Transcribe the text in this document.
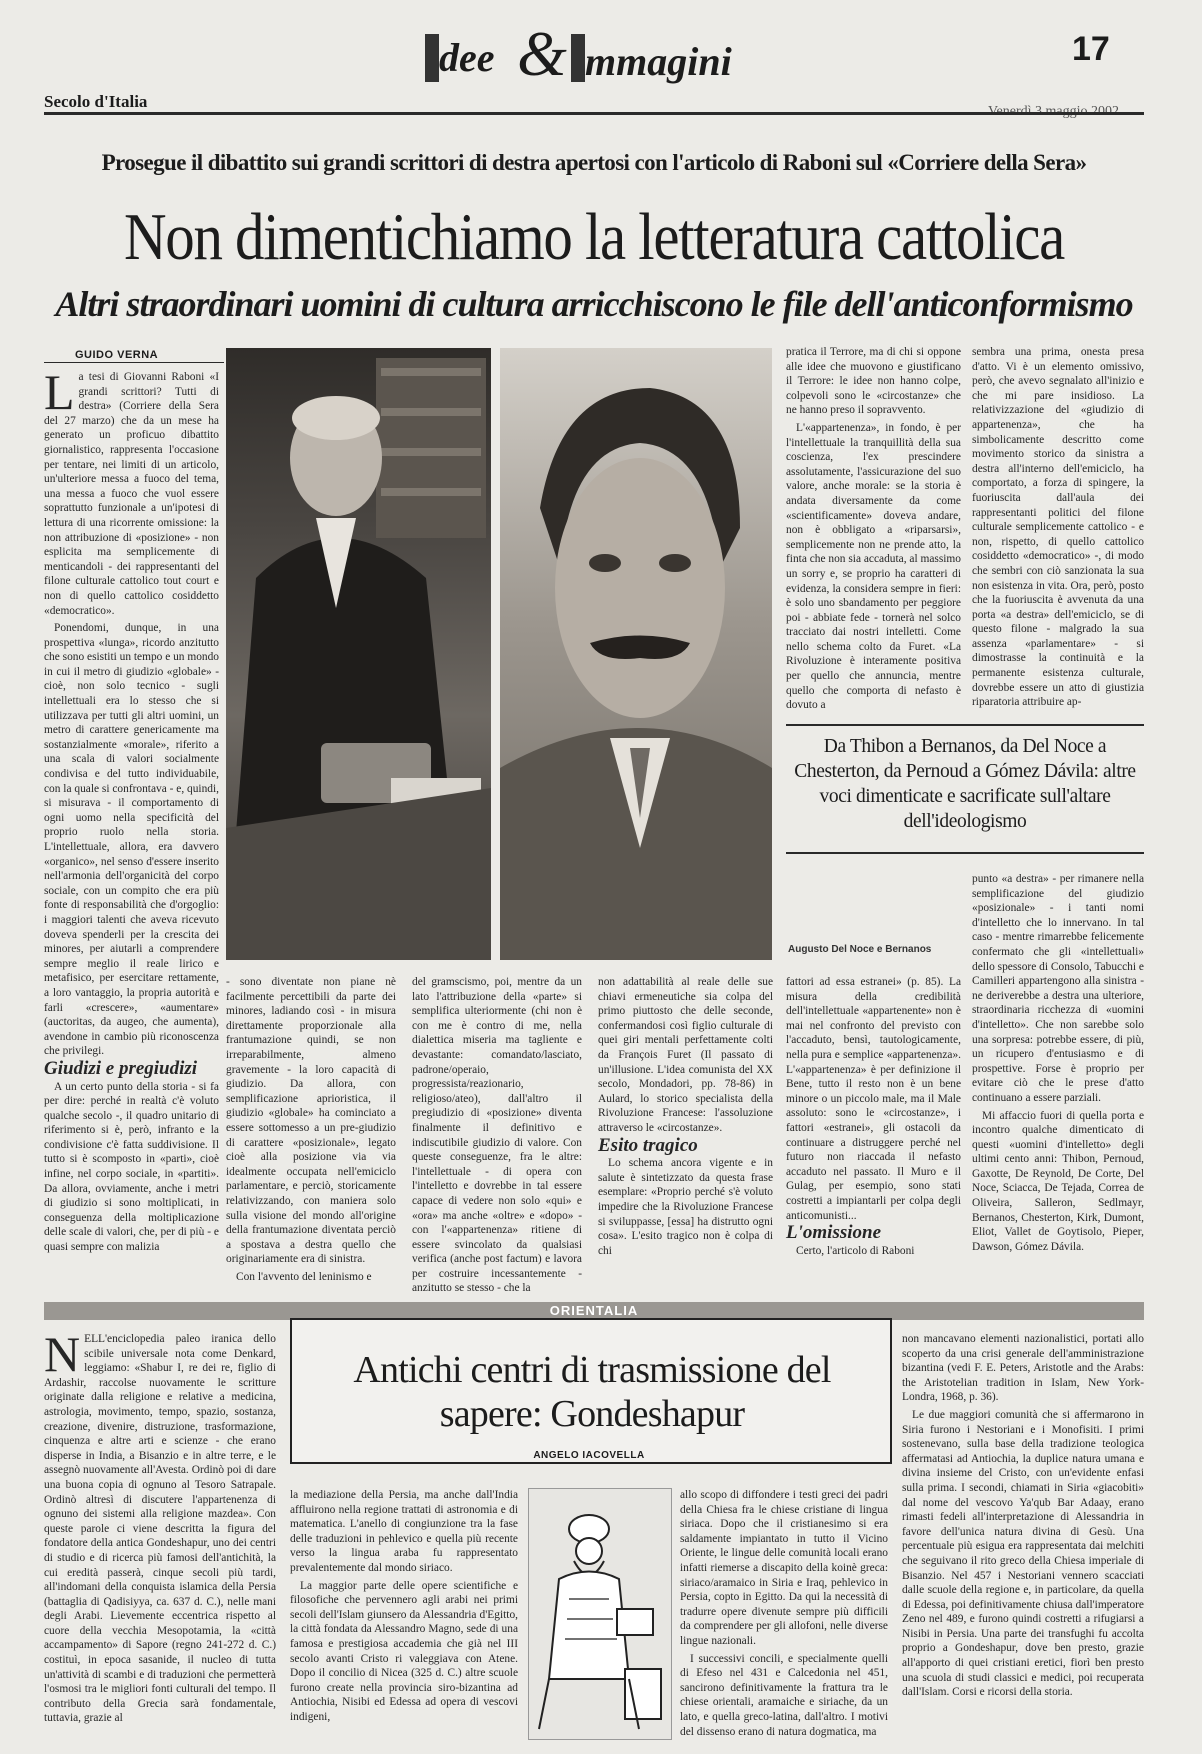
dee & mmagini	17
Secolo d'Italia
Prosegue il dibattito sui grandi scrittori di destra apertosi con l'articolo di Raboni sul «Corriere della Sera»
Non dimentichiamo la letteratura cattolica
Altri straordinari uomini di cultura arricchiscono le file dell'anticonformismo
GUIDO VERNA

La tesi di Giovanni Raboni «I grandi scrittori? Tutti di destra» (Corriere della Sera del 27 marzo) che da un mese ha generato un proficuo dibattito giornalistico, rappresenta l'occasione per tentare, nei limiti di un articolo, un'ulteriore messa a fuoco del tema, una messa a fuoco che vuol essere soprattutto funzionale a un'ipotesi di lettura di una ricorrente omissione: la non attribuzione di «posizione» - non esplicita ma semplicemente di menticandoli - dei rappresentanti del filone culturale cattolico tout court e non di quello cattolico cosiddetto «democratico».

Ponendomi, dunque, in una prospettiva «lunga», ricordo anzitutto che sono esistiti un tempo e un mondo in cui il metro di giudizio «globale» - cioè, non solo tecnico - sugli intellettuali era lo stesso che si utilizzava per tutti gli altri uomini, un metro di carattere genericamente ma sostanzialmente «morale», riferito a una scala di valori socialmente condivisa e del tutto individuabile, con la quale si confrontava - e, quindi, si misurava - il comportamento di ogni uomo nella specificità del proprio ruolo nella storia. L'intellettuale, allora, era davvero «organico», nel senso d'essere inserito nell'armonia dell'organicità del corpo sociale, con un compito che era più fonte di responsabilità che d'orgoglio: i maggiori talenti che aveva ricevuto doveva spenderli per la crescita dei minores, per aiutarli a comprendere sempre meglio il reale lirico e metafisico, per esercitare rettamente, a loro vantaggio, la propria autorità e farli «crescere», «aumentare» (auctoritas, da augeo, che aumenta), avendone in cambio più riconoscenza che privilegi.

Giudizi e pregiudizi

A un certo punto della storia - si fa per dire: perché in realtà c'è voluto qualche secolo -, il quadro unitario di riferimento si è, però, infranto e la condivisione c'è fatta suddivisione. Il tutto si è scomposto in «parti», cioè infine, nel corpo sociale, in «partiti». Da allora, ovviamente, anche i metri di giudizio si sono moltiplicati, in conseguenza della moltiplicazione delle scale di valori, che, per di più - e quasi sempre con malizia

Augusto Del Noce e Bernanos

pratica il Terrore, ma di chi si oppone alle idee che muovono e giustificano il Terrore: le idee non hanno colpe, colpevoli sono le «circostanze» che ne hanno preso il sopravvento.

L'«appartenenza», in fondo, è per l'intellettuale la tranquillità della sua coscienza, l'ex prescindere assolutamente, l'assicurazione del suo valore, anche morale: se la storia è andata diversamente da come «scientificamente» doveva andare, non è obbligato a «riparsarsi», semplicemente non ne prende atto, la finta che non sia accaduta, al massimo un sorry e, se proprio ha caratteri di evidenza, la considera sempre in fieri: è solo uno sbandamento per peggiore poi - abbiate fede - tornerà nel solco tracciato dai nostri intelletti. Come nello schema colto da Furet. «La Rivoluzione è interamente positiva per quello che annuncia, mentre quello che comporta di nefasto è dovuto a

sembra una prima, onesta presa d'atto. Vi è un elemento omissivo, però, che avevo segnalato all'inizio e che mi pare insidioso. La relativizzazione del «giudizio di appartenenza», che ha simbolicamente descritto come movimento storico da sinistra a destra all'interno dell'emiciclo, ha comportato, a forza di spingere, la fuoriuscita dall'aula dei rappresentanti politici del filone culturale semplicemente cattolico - e non, rispetto, di quello cattolico cosiddetto «democratico» -, di modo che sembri con ciò sanzionata la sua non esistenza in vita. Ora, però, posto che la fuoriuscita è avvenuta da una porta «a destra» dell'emiciclo, se di questo filone - malgrado la sua assenza «parlamentare» - si dimostrasse la continuità e la permanente esistenza culturale, dovrebbe essere un atto di giustizia riparatoria attribuire ap-

Da Thibon a Bernanos, da Del Noce a Chesterton, da Pernoud a Gómez Dávila: altre voci dimenticate e sacrificate sull'altare dell'ideologismo

punto «a destra» - per rimanere nella semplificazione del giudizio «posizionale» - i tanti nomi d'intelletto che lo innervano. In tal caso - mentre rimarrebbe felicemente confermato che gli «intellettuali» dello spessore di Consolo, Tabucchi e Camilleri appartengono alla sinistra - ne deriverebbe a destra una ulteriore, straordinaria ricchezza di «uomini d'intelletto». Che non sarebbe solo una sorpresa: potrebbe essere, di più, un ricupero d'entusiasmo e di prospettive. Forse è proprio per evitare ciò che le prese d'atto continuano a essere parziali.

Mi affaccio fuori di quella porta e incontro qualche dimenticato di questi «uomini d'intelletto» degli ultimi cento anni: Thibon, Pernoud, Gaxotte, De Reynold, De Corte, Del Noce, Sciacca, De Tejada, Correa de Oliveira, Salleron, Sedlmayr, Bernanos, Chesterton, Kirk, Dumont, Eliot, Vallet de Goytisolo, Pieper, Dawson, Gómez Dávila.

- sono diventate non piane nè facilmente percettibili da parte dei minores, ladiando così - in misura direttamente proporzionale alla frantumazione quindi, se non irreparabilmente, almeno gravemente - la loro capacità di giudizio. Da allora, con semplificazione aprioristica, il giudizio «globale» ha cominciato a essere sottomesso a un pre-giudizio di carattere «posizionale», legato cioè alla posizione via via idealmente occupata nell'emiciclo parlamentare, e perciò, storicamente relativizzando, con maniera solo sulla visione del mondo all'origine della frantumazione diventata perciò a spostava a destra quello che originariamente era di sinistra.

Con l'avvento del leninismo e

del gramscismo, poi, mentre da un lato l'attribuzione della «parte» si semplifica ulteriormente (chi non è con me è contro di me, nella dialettica miseria ma tagliente e devastante: comandato/lasciato, padrone/operaio, progressista/reazionario, religioso/ateo), dall'altro il pregiudizio di «posizione» diventa finalmente il definitivo e indiscutibile giudizio di valore. Con queste conseguenze, fra le altre: l'intellettuale - di opera con l'intelletto e dovrebbe in tal essere capace di vedere non solo «qui» e «ora» ma anche «oltre» e «dopo» - con l'«appartenenza» ritiene di essere svincolato da qualsiasi verifica (anche post factum) e lavora per costruire incessantemente - anzitutto se stesso - che la

non adattabilità al reale delle sue chiavi ermeneutiche sia colpa del primo piuttosto che delle seconde, confermandosi così figlio culturale di quei giri mentali perfettamente colti da François Furet (Il passato di un'illusione. L'idea comunista del XX secolo, Mondadori, pp. 78-86) in Aulard, lo storico specialista della Rivoluzione Francese: l'assoluzione attraverso le «circostanze».

Esito tragico

Lo schema ancora vigente e in salute è sintetizzato da questa frase esemplare: «Proprio perché s'è voluto impedire che la Rivoluzione Francese si sviluppasse, [essa] ha distrutto ogni cosa». L'esito tragico non è colpa di chi

fattori ad essa estranei» (p. 85). La misura della credibilità dell'intellettuale «appartenente» non è mai nel confronto del previsto con l'accaduto, bensì, tautologicamente, nella pura e semplice «appartenenza». L'«appartenenza» è per definizione il Bene, tutto il resto non è un bene minore o un piccolo male, ma il Male assoluto: sono le «circostanze», i fattori «estranei», gli ostacoli da continuare a distruggere perché nel futuro non riaccada il nefasto accaduto nel passato. Il Muro e il Gulag, per esempio, sono stati costretti a impiantarli per colpa degli anticomunisti...

L'omissione

Certo, l'articolo di Raboni

ORIENTALIA

NELL'enciclopedia paleo iranica dello scibile universale nota come Denkard, leggiamo: «Shabur I, re dei re, figlio di Ardashir, raccolse nuovamente le scritture originate dalla religione e relative a medicina, astrologia, movimento, tempo, spazio, sostanza, creazione, divenire, distruzione, trasformazione, cinquenza e altre arti e scienze - che erano disperse in India, a Bisanzio e in altre terre, e le assegnò nuovamente all'Avesta. Ordinò poi di dare una buona copia di ognuno al Tesoro Satrapale. Ordinò altresì di discutere l'appartenenza di ognuno dei sistemi alla religione mazdea». Con queste parole ci viene descritta la figura del fondatore della antica Gondeshapur, uno dei centri di studio e di ricerca più famosi dell'antichità, la cui eredità passerà, cinque secoli più tardi, all'indomani della conquista islamica della Persia (battaglia di Qadisiyya, ca. 637 d. C.), nelle mani degli Arabi. Lievemente eccentrica rispetto al cuore della vecchia Mesopotamia, la «città accampamento» di Sapore (regno 241-272 d. C.) costituì, in epoca sasanide, il nucleo di tutta un'attività di scambi e di traduzioni che permetterà l'osmosi tra le migliori fonti culturali del tempo. Il contributo della Grecia sarà fondamentale, tuttavia, grazie al

Antichi centri di trasmissione del sapere: Gondeshapur
ANGELO IACOVELLA

la mediazione della Persia, ma anche dall'India affluirono nella regione trattati di astronomia e di matematica. L'anello di congiunzione tra la fase delle traduzioni in pehlevico e quella più recente verso la lingua araba fu rappresentato prevalentemente dal mondo siriaco.

La maggior parte delle opere scientifiche e filosofiche che pervennero agli arabi nei primi secoli dell'Islam giunsero da Alessandria d'Egitto, la città fondata da Alessandro Magno, sede di una famosa e prestigiosa accademia che già nel III secolo avanti Cristo ri valeggiava con Atene. Dopo il concilio di Nicea (325 d. C.) altre scuole furono create nella provincia siro-bizantina ad Antiochia, Nisibi ed Edessa ad opera di vescovi indigeni,

allo scopo di diffondere i testi greci dei padri della Chiesa fra le chiese cristiane di lingua siriaca. Dopo che il cristianesimo si era saldamente impiantato in tutto il Vicino Oriente, le lingue delle comunità locali erano infatti riemerse a discapito della koinè greca: siriaco/aramaico in Siria e Iraq, pehlevico in Persia, copto in Egitto. Da qui la necessità di tradurre opere divenute sempre più difficili da comprendere per gli allofoni, nelle diverse lingue nazionali.

I successivi concili, e specialmente quelli di Efeso nel 431 e Calcedonia nel 451, sancirono definitivamente la frattura tra le chiese orientali, aramaiche e siriache, da un lato, e quella greco-latina, dall'altro. I motivi del dissenso erano di natura dogmatica, ma

non mancavano elementi nazionalistici, portati allo scoperto da una crisi generale dell'amministrazione bizantina (vedi F. E. Peters, Aristotle and the Arabs: the Aristotelian tradition in Islam, New York-Londra, 1968, p. 36).

Le due maggiori comunità che si affermarono in Siria furono i Nestoriani e i Monofisiti. I primi sostenevano, sulla base della tradizione teologica affermatasi ad Antiochia, la duplice natura umana e divina insieme del Cristo, con un'evidente enfasi sulla prima. I secondi, chiamati in Siria «giacobiti» dal nome del vescovo Ya'qub Bar Adaay, erano rimasti fedeli all'interpretazione di Alessandria in favore dell'unica natura divina di Gesù. Una percentuale più esigua era rappresentata dai melchiti che seguivano il rito greco della Chiesa imperiale di Bisanzio. Nel 457 i Nestoriani vennero scacciati dalle scuole della regione e, in particolare, da quella di Edessa, poi definitivamente chiusa dall'imperatore Zeno nel 489, e furono quindi costretti a rifugiarsi a Nisibi in Persia. Una parte dei transfughi fu accolta proprio a Gondeshapur, dove ben presto, grazie all'apporto di quei cristiani eretici, fiorì ben presto una scuola di studi classici e medici, poi recuperata dall'Islam. Corsi e ricorsi della storia.
